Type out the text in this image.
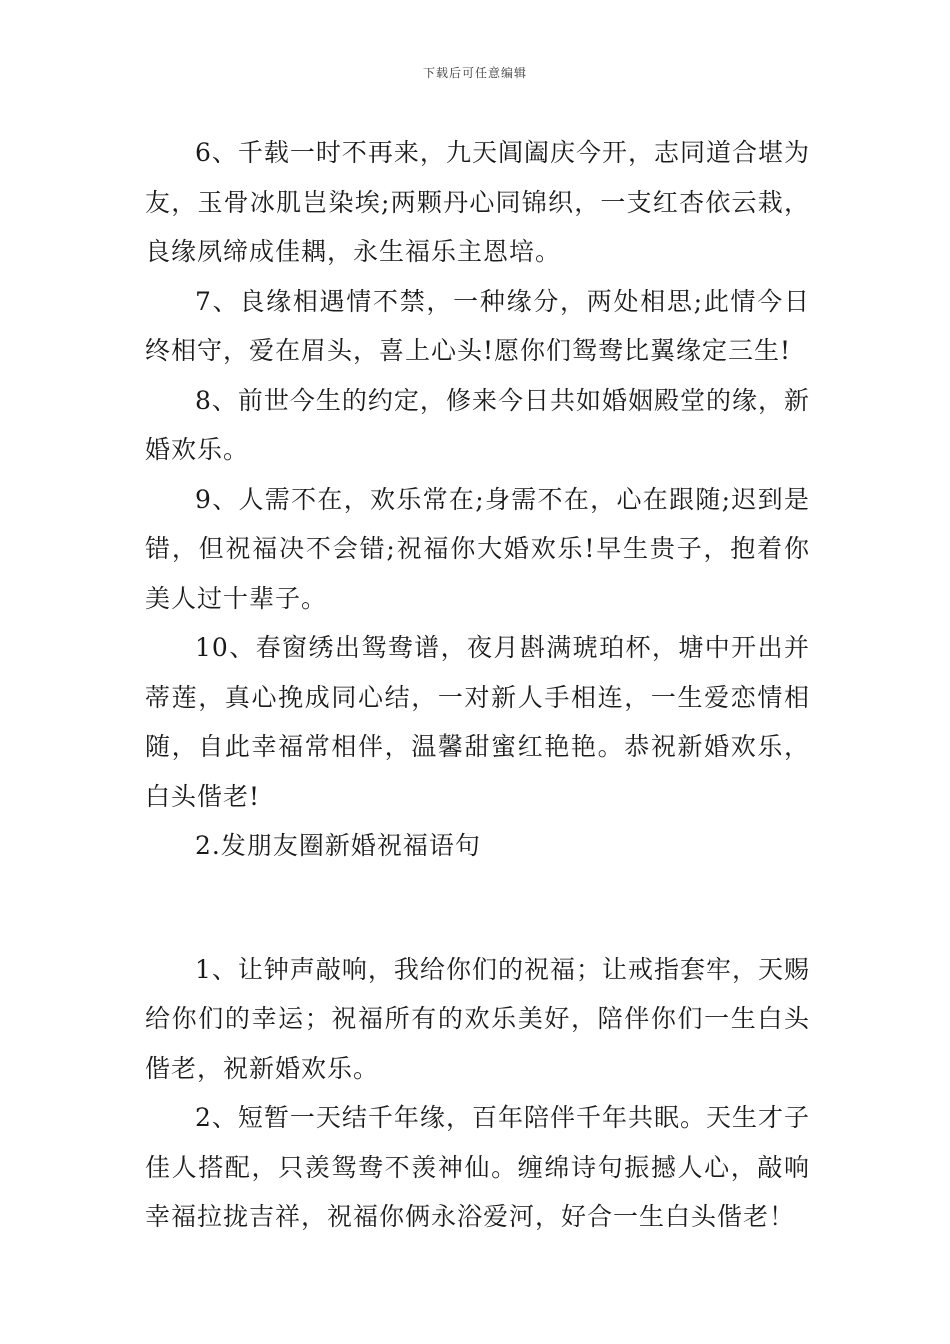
下载后可任意编辑

6、千载一时不再来，九天阊阖庆今开，志同道合堪为友，玉骨冰肌岂染埃;两颗丹心同锦织，一支红杏依云栽，良缘夙缔成佳耦，永生福乐主恩培。

7、良缘相遇情不禁，一种缘分，两处相思;此情今日终相守，爱在眉头，喜上心头!愿你们鸳鸯比翼缘定三生!

8、前世今生的约定，修来今日共如婚姻殿堂的缘，新婚欢乐。

9、人需不在，欢乐常在;身需不在，心在跟随;迟到是错，但祝福决不会错;祝福你大婚欢乐!早生贵子，抱着你美人过十辈子。

10、春窗绣出鸳鸯谱，夜月斟满琥珀杯，塘中开出并蒂莲，真心挽成同心结，一对新人手相连，一生爱恋情相随，自此幸福常相伴，温馨甜蜜红艳艳。恭祝新婚欢乐，白头偕老!

2.发朋友圈新婚祝福语句

1、让钟声敲响，我给你们的祝福；让戒指套牢，天赐给你们的幸运；祝福所有的欢乐美好，陪伴你们一生白头偕老，祝新婚欢乐。

2、短暂一天结千年缘，百年陪伴千年共眠。天生才子佳人搭配，只羡鸳鸯不羡神仙。缠绵诗句振撼人心，敲响幸福拉拢吉祥，祝福你俩永浴爱河，好合一生白头偕老！
